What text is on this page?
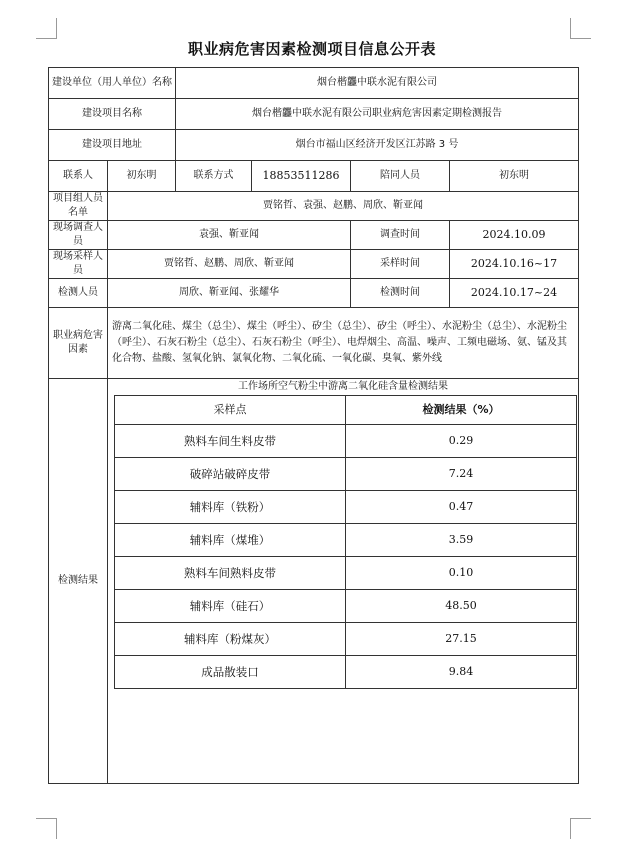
职业病危害因素检测项目信息公开表
建设单位（用人单位）名称	烟台楷龘中联水泥有限公司
建设项目名称	烟台楷龘中联水泥有限公司职业病危害因素定期检测报告
建设项目地址	烟台市福山区经济开发区江苏路 3 号
联系人	初东明	联系方式	18853511286	陪同人员	初东明
项目组人员名单	贾铭哲、袁强、赵鹏、周欣、靳亚闻
现场调查人员	袁强、靳亚闻	调查时间	2024.10.09
现场采样人员	贾铭哲、赵鹏、周欣、靳亚闻	采样时间	2024.10.16~17
检测人员	周欣、靳亚闻、张耀华	检测时间	2024.10.17~24
职业病危害因素	游离二氧化硅、煤尘（总尘）、煤尘（呼尘）、矽尘（总尘）、矽尘（呼尘）、水泥粉尘（总尘）、水泥粉尘（呼尘）、石灰石粉尘（总尘）、石灰石粉尘（呼尘）、电焊烟尘、高温、噪声、工频电磁场、氨、锰及其化合物、盐酸、氢氧化钠、氯氧化物、二氧化硫、一氧化碳、臭氧、紫外线
检测结果	
工作场所空气粉尘中游离二氧化硅含量检测结果
采样点	检测结果（%）
熟料车间生料皮带	0.29
破碎站破碎皮带	7.24
辅料库（铁粉）	0.47
辅料库（煤堆）	3.59
熟料车间熟料皮带	0.10
辅料库（硅石）	48.50
辅料库（粉煤灰）	27.15
成品散装口	9.84
